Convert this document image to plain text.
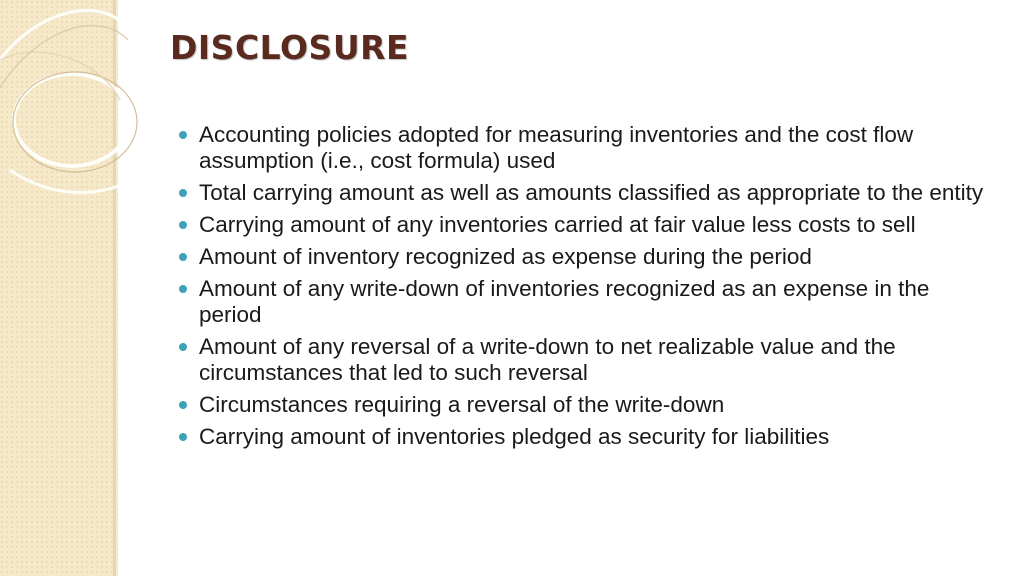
DISCLOSURE
Accounting policies adopted for measuring inventories and the cost flow assumption (i.e., cost formula) used
Total carrying amount as well as amounts classified as appropriate to the entity
Carrying amount of any inventories carried at fair value less costs to sell
Amount of inventory recognized as expense during the period
Amount of any write-down of inventories recognized as an expense in the period
Amount of any reversal of a write-down to net realizable value and the circumstances that led to such reversal
Circumstances requiring a reversal of the write-down
Carrying amount of inventories pledged as security for liabilities
